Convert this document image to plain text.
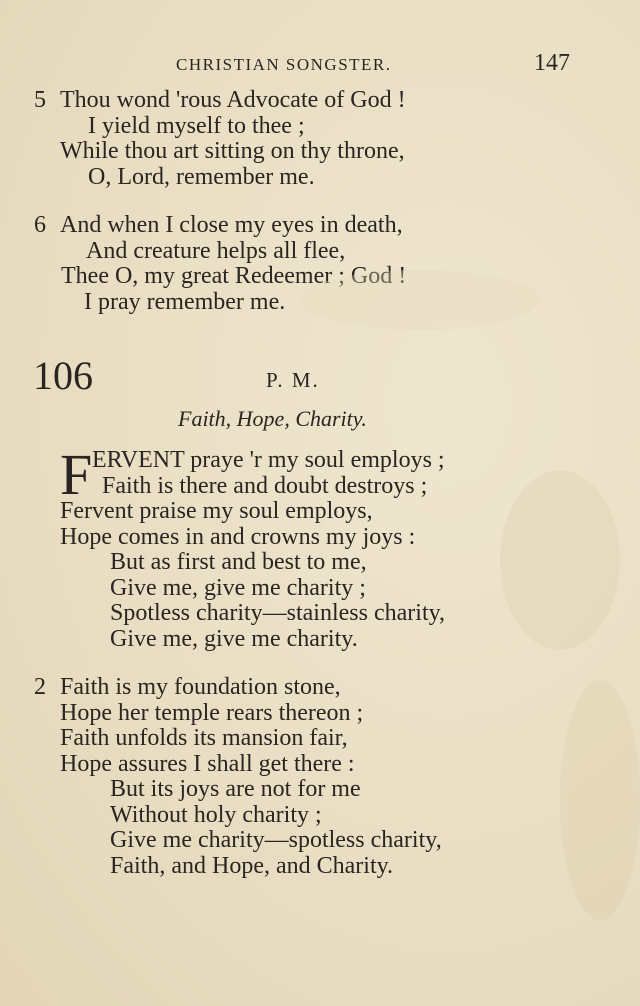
CHRISTIAN SONGSTER.	147
5 Thou wond 'rous Advocate of God !
I yield myself to thee ;
While thou art sitting on thy throne,
O, Lord, remember me.
6 And when I close my eyes in death,
And creature helps all flee,
Thee O, my great Redeemer ; God !
I pray remember me.
106	P. M.
Faith, Hope, Charity.
F ERVENT praye 'r my soul employs ;
Faith is there and doubt destroys ;
Fervent praise my soul employs,
Hope comes in and crowns my joys :
But as first and best to me,
Give me, give me charity ;
Spotless charity—stainless charity,
Give me, give me charity.
2 Faith is my foundation stone,
Hope her temple rears thereon ;
Faith unfolds its mansion fair,
Hope assures I shall get there :
But its joys are not for me
Without holy charity ;
Give me charity—spotless charity,
Faith, and Hope, and Charity.
